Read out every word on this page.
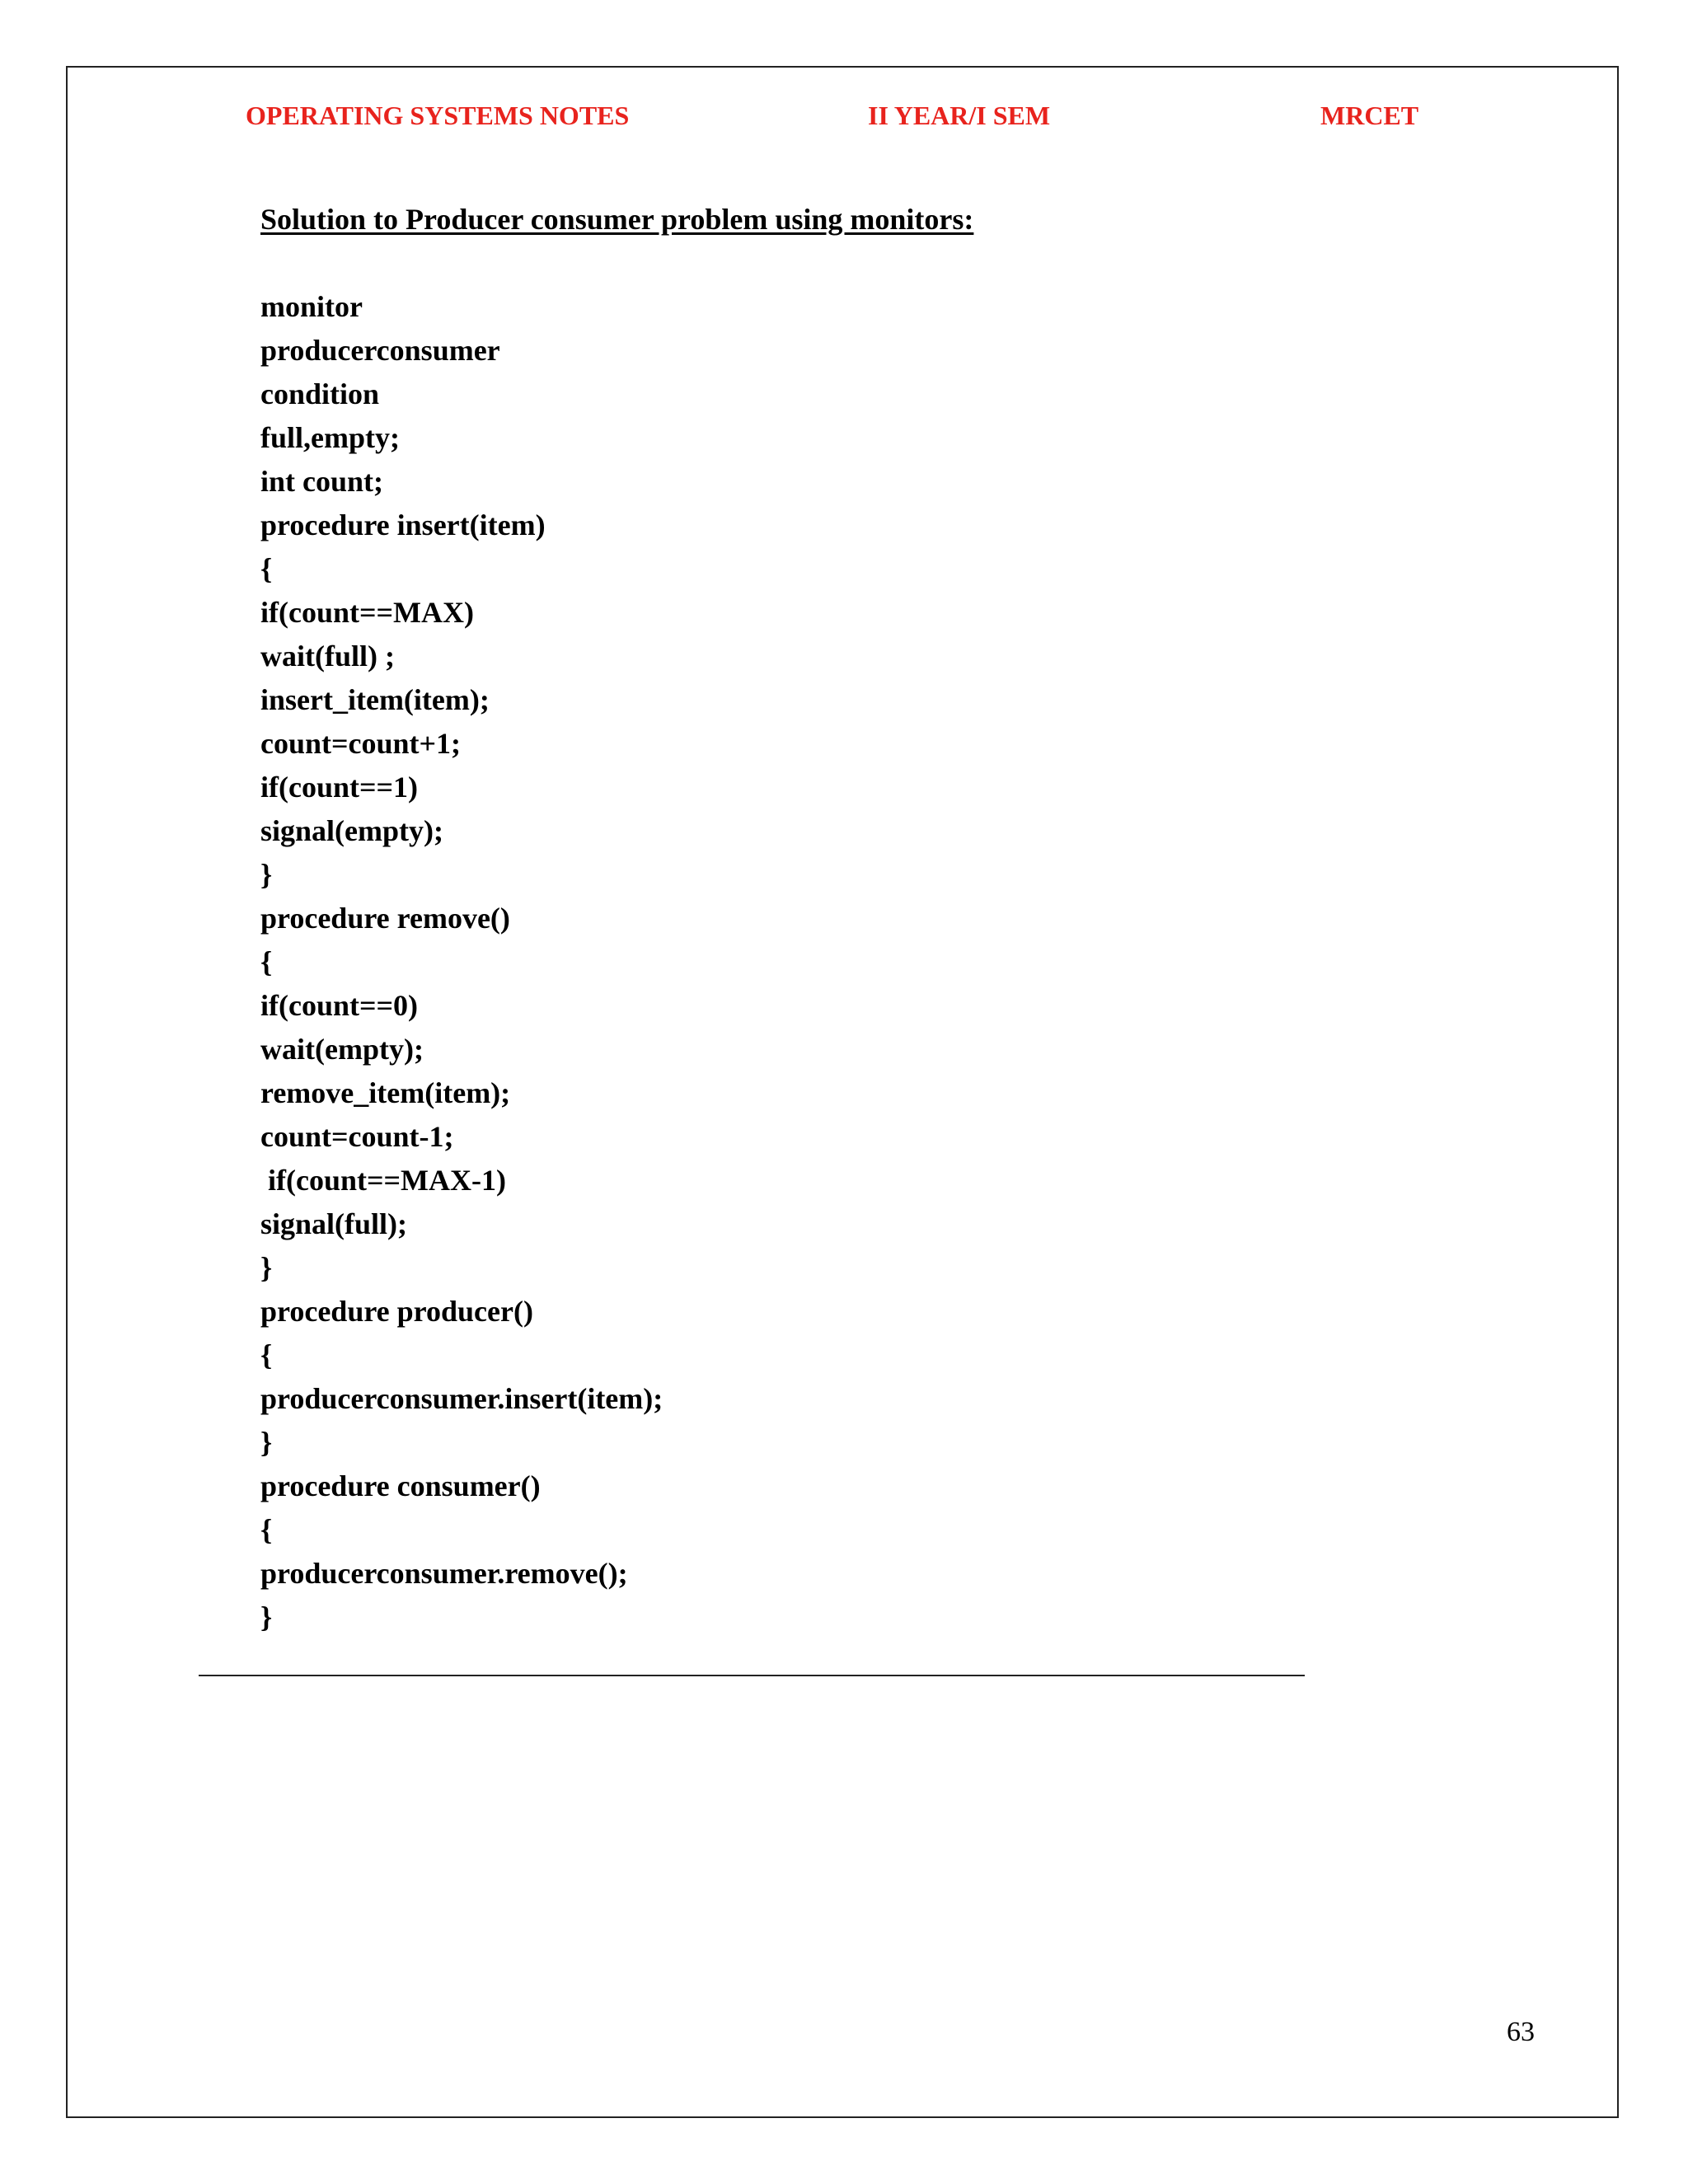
OPERATING SYSTEMS NOTES	II YEAR/I SEM	MRCET
Solution to Producer consumer problem using monitors:
monitor
producerconsumer
condition
full,empty;
int count;
procedure insert(item)
{
if(count==MAX)
wait(full) ;
insert_item(item);
count=count+1;
if(count==1)
signal(empty);
}
procedure remove()
{
if(count==0)
wait(empty);
remove_item(item);
count=count-1;
if(count==MAX-1)
signal(full);
}
procedure producer()
{
producerconsumer.insert(item);
}
procedure consumer()
{
producerconsumer.remove();
}
63
